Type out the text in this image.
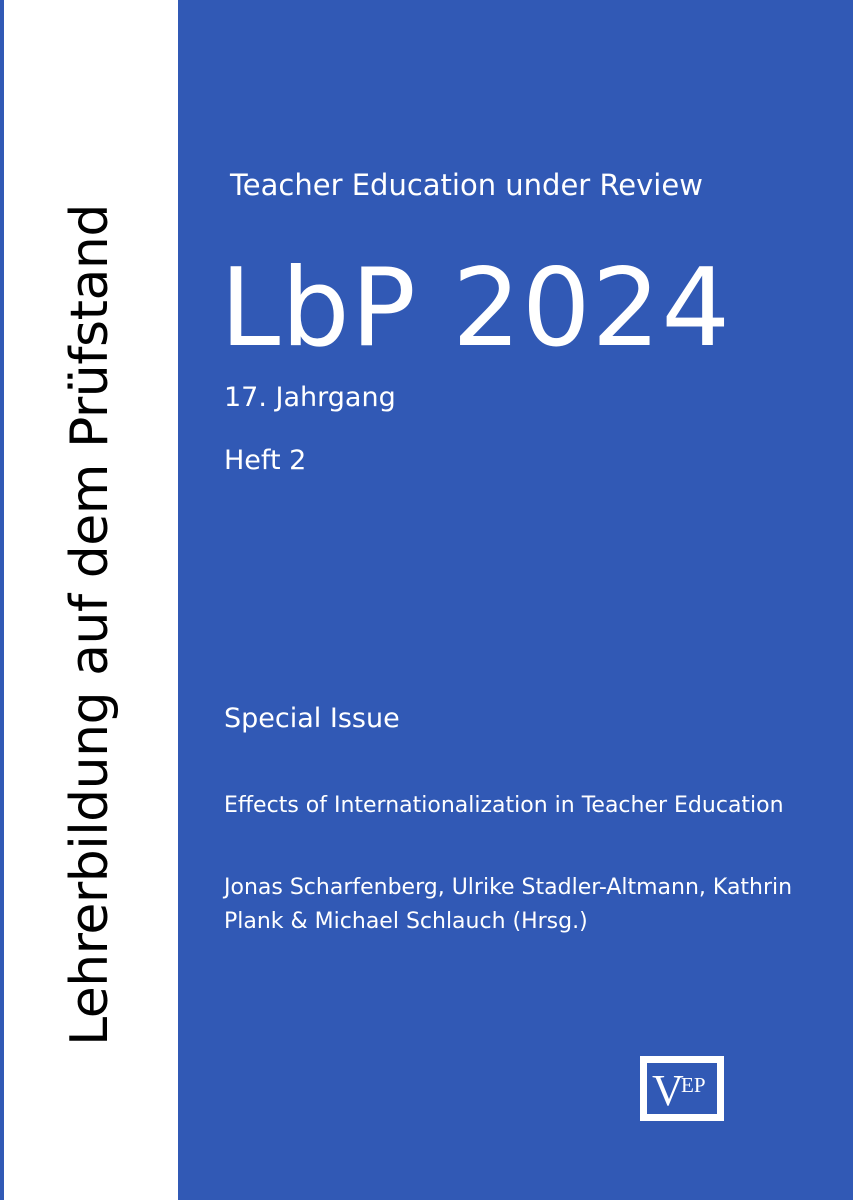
Lehrerbildung auf dem Prüfstand
Teacher Education under Review
LbP 2024
17. Jahrgang
Heft 2
Special Issue
Effects of Internationalization in Teacher Education
Jonas Scharfenberg, Ulrike Stadler-Altmann, Kathrin Plank & Michael Schlauch (Hrsg.)
V
EP
